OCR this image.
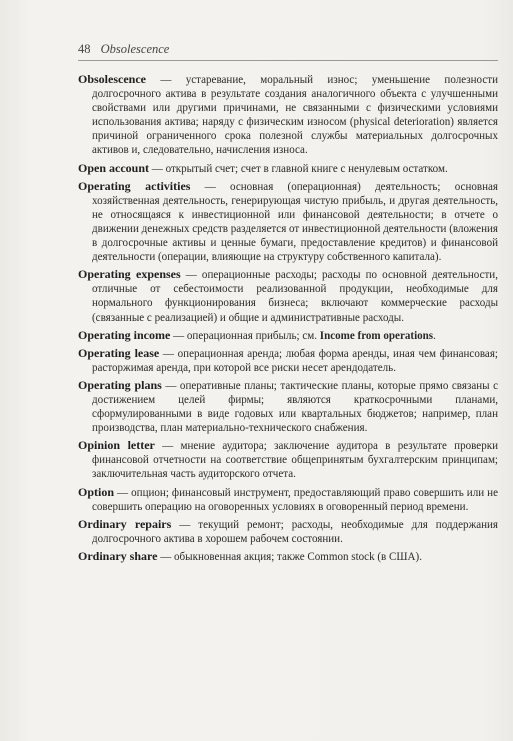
48 Obsolescence

Obsolescence — устаревание, моральный износ; уменьшение полезности долгосрочного актива в результате создания аналогичного объекта с улучшенными свойствами или другими причинами, не связанными с физическими условиями использования актива; наряду с физическим износом (physical deterioration) является причиной ограниченного срока полезной службы материальных долгосрочных активов и, следовательно, начисления износа.

Open account — открытый счет; счет в главной книге с ненулевым остатком.

Operating activities — основная (операционная) деятельность; основная хозяйственная деятельность, генерирующая чистую прибыль, и другая деятельность, не относящаяся к инвестиционной или финансовой деятельности; в отчете о движении денежных средств разделяется от инвестиционной деятельности (вложения в долгосрочные активы и ценные бумаги, предоставление кредитов) и финансовой деятельности (операции, влияющие на структуру собственного капитала).

Operating expenses — операционные расходы; расходы по основной деятельности, отличные от себестоимости реализованной продукции, необходимые для нормального функционирования бизнеса; включают коммерческие расходы (связанные с реализацией) и общие и административные расходы.

Operating income — операционная прибыль; см. Income from operations.

Operating lease — операционная аренда; любая форма аренды, иная чем финансовая; расторжимая аренда, при которой все риски несет арендодатель.

Operating plans — оперативные планы; тактические планы, которые прямо связаны с достижением целей фирмы; являются краткосрочными планами, сформулированными в виде годовых или квартальных бюджетов; например, план производства, план материально-технического снабжения.

Opinion letter — мнение аудитора; заключение аудитора в результате проверки финансовой отчетности на соответствие общепринятым бухгалтерским принципам; заключительная часть аудиторского отчета.

Option — опцион; финансовый инструмент, предоставляющий право совершить или не совершить операцию на оговоренных условиях в оговоренный период времени.

Ordinary repairs — текущий ремонт; расходы, необходимые для поддержания долгосрочного актива в хорошем рабочем состоянии.

Ordinary share — обыкновенная акция; также Common stock (в США).
